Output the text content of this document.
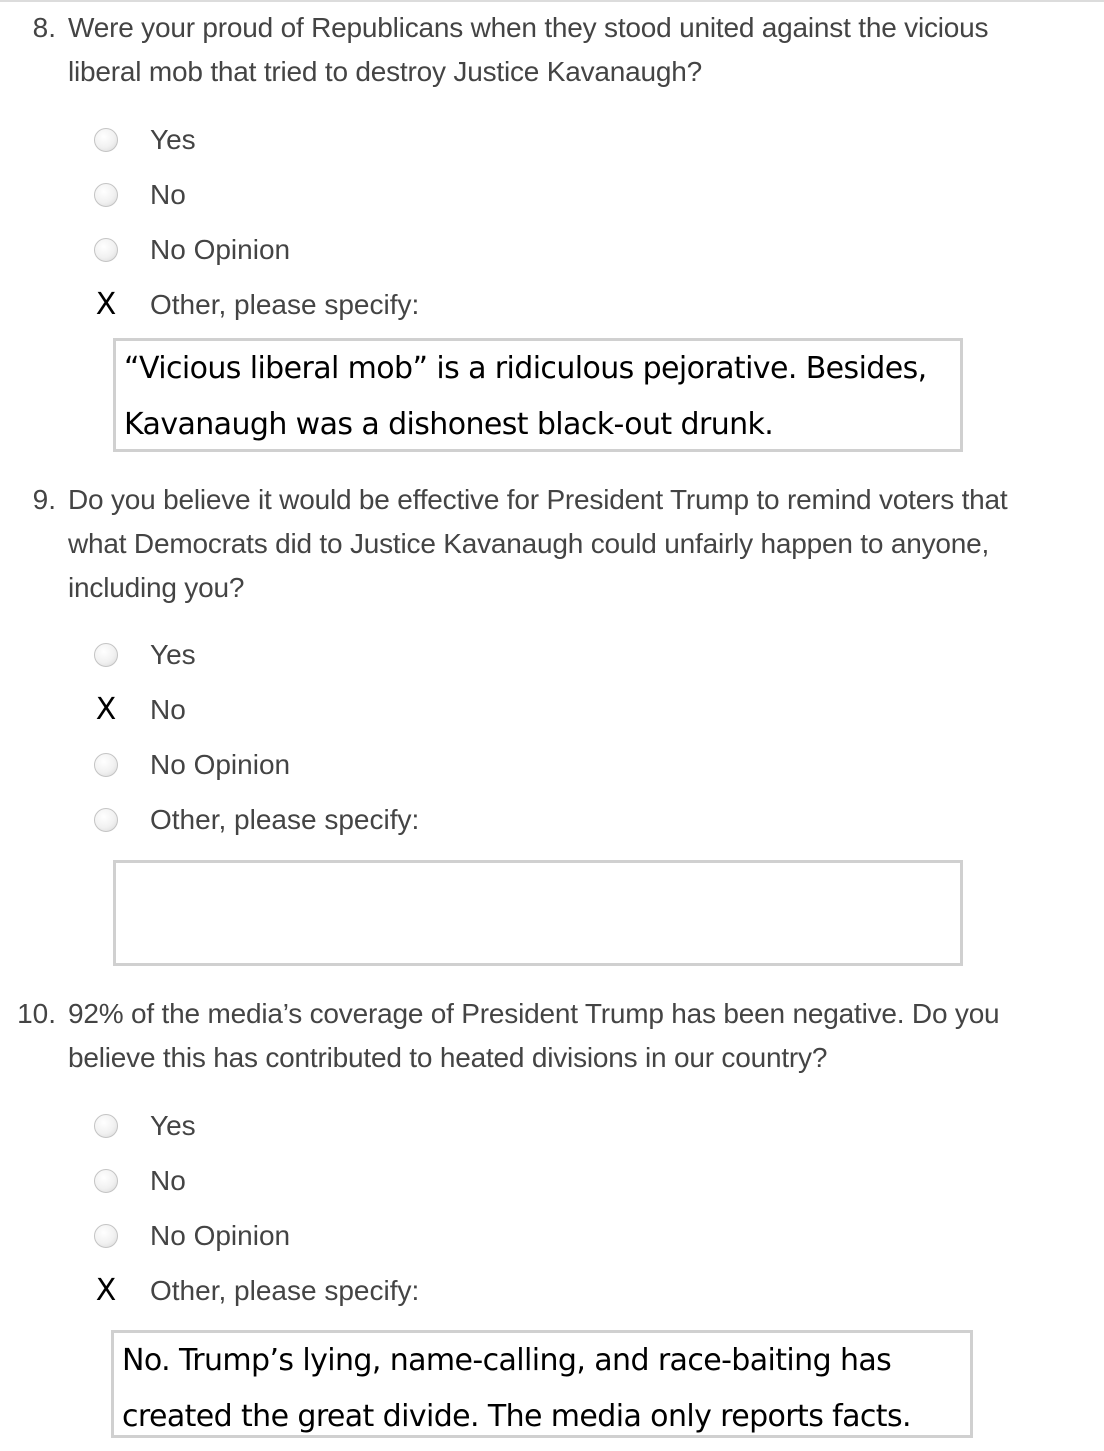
8. Were your proud of Republicans when they stood united against the vicious liberal mob that tried to destroy Justice Kavanaugh?
Yes
No
No Opinion
X Other, please specify:
“Vicious liberal mob” is a ridiculous pejorative. Besides,
Kavanaugh was a dishonest black-out drunk.
9. Do you believe it would be effective for President Trump to remind voters that what Democrats did to Justice Kavanaugh could unfairly happen to anyone, including you?
Yes
X No
No Opinion
Other, please specify:
10. 92% of the media’s coverage of President Trump has been negative. Do you believe this has contributed to heated divisions in our country?
Yes
No
No Opinion
X Other, please specify:
No. Trump’s lying, name-calling, and race-baiting has
created the great divide. The media only reports facts.
